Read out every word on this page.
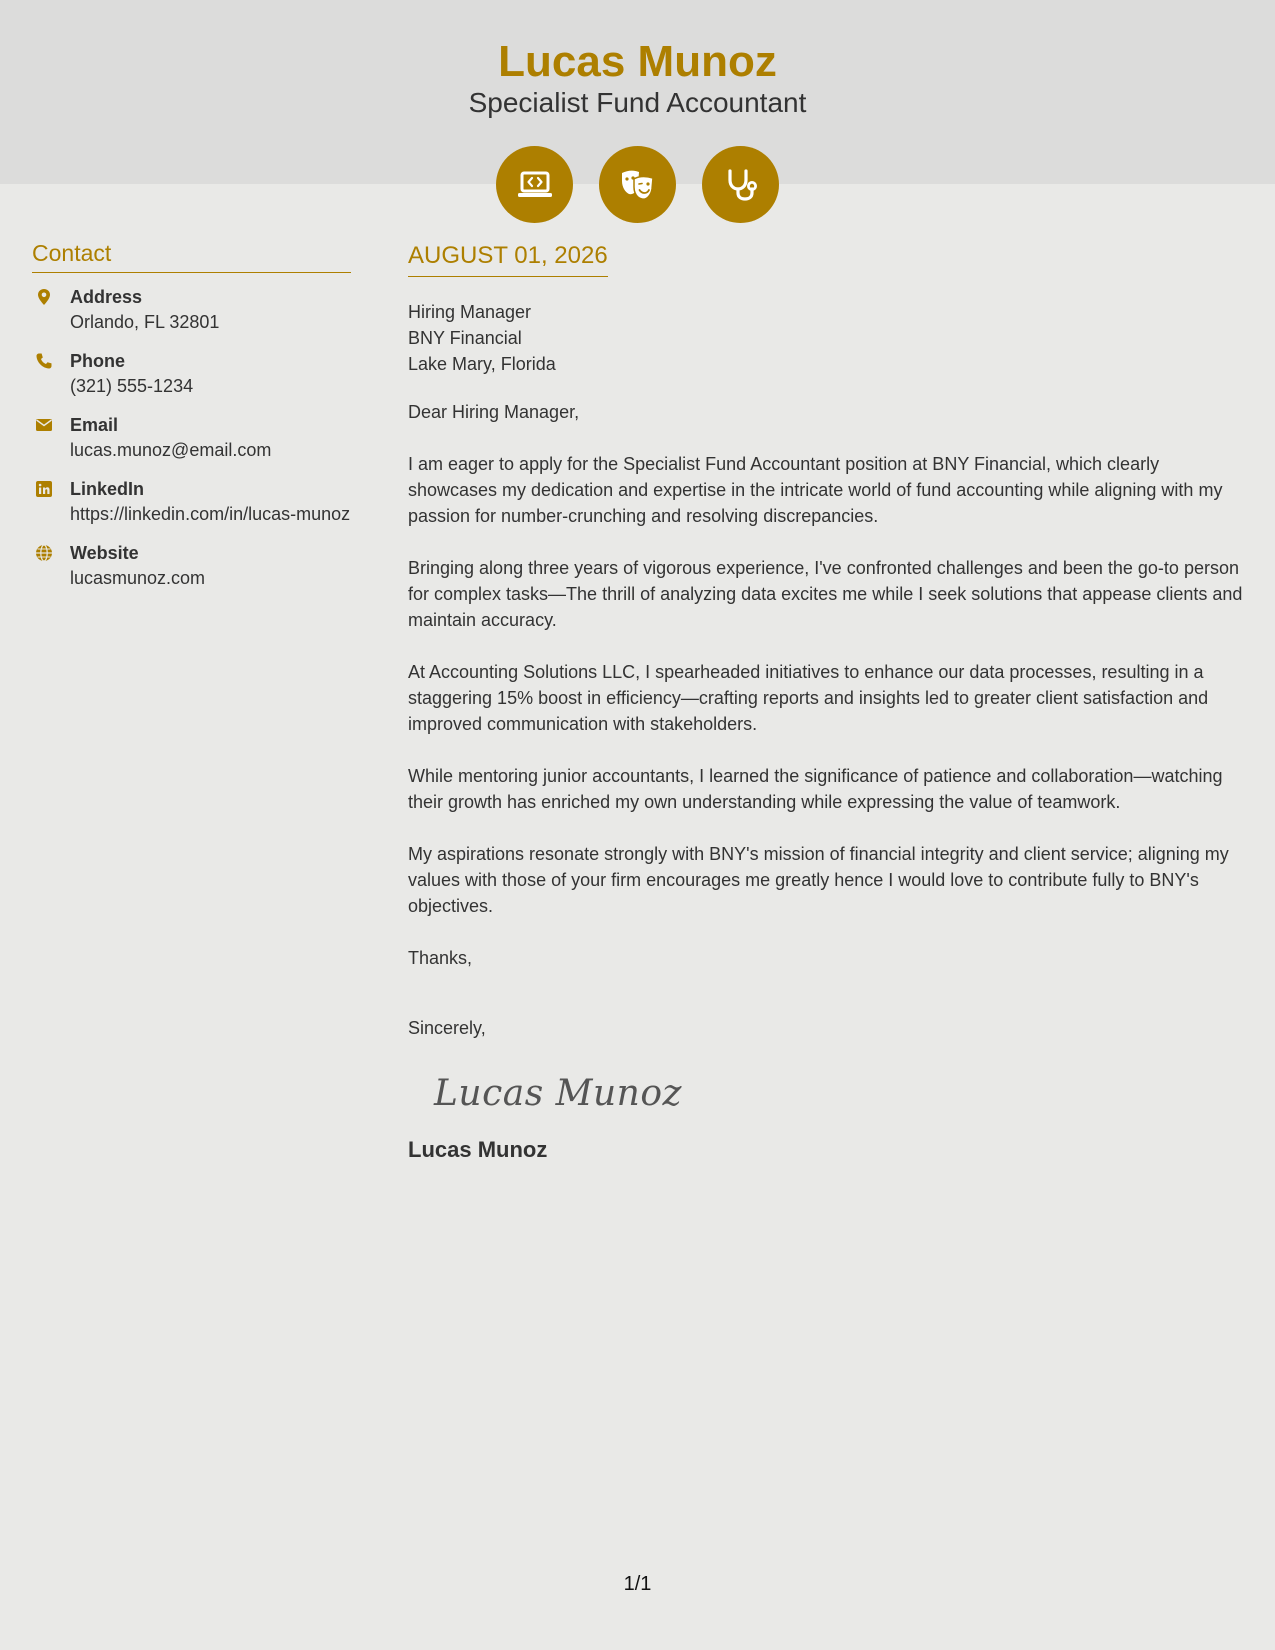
Lucas Munoz
Specialist Fund Accountant
Contact
Address
Orlando, FL 32801
Phone
(321) 555-1234
Email
lucas.munoz@email.com
LinkedIn
https://linkedin.com/in/lucas-munoz
Website
lucasmunoz.com
AUGUST 01, 2026
Hiring Manager
BNY Financial
Lake Mary, Florida
Dear Hiring Manager,
I am eager to apply for the Specialist Fund Accountant position at BNY Financial, which clearly showcases my dedication and expertise in the intricate world of fund accounting while aligning with my passion for number-crunching and resolving discrepancies.
Bringing along three years of vigorous experience, I've confronted challenges and been the go-to person for complex tasks—The thrill of analyzing data excites me while I seek solutions that appease clients and maintain accuracy.
At Accounting Solutions LLC, I spearheaded initiatives to enhance our data processes, resulting in a staggering 15% boost in efficiency—crafting reports and insights led to greater client satisfaction and improved communication with stakeholders.
While mentoring junior accountants, I learned the significance of patience and collaboration—watching their growth has enriched my own understanding while expressing the value of teamwork.
My aspirations resonate strongly with BNY's mission of financial integrity and client service; aligning my values with those of your firm encourages me greatly hence I would love to contribute fully to BNY's objectives.
Thanks,
Sincerely,
Lucas Munoz
Lucas Munoz
1/1
